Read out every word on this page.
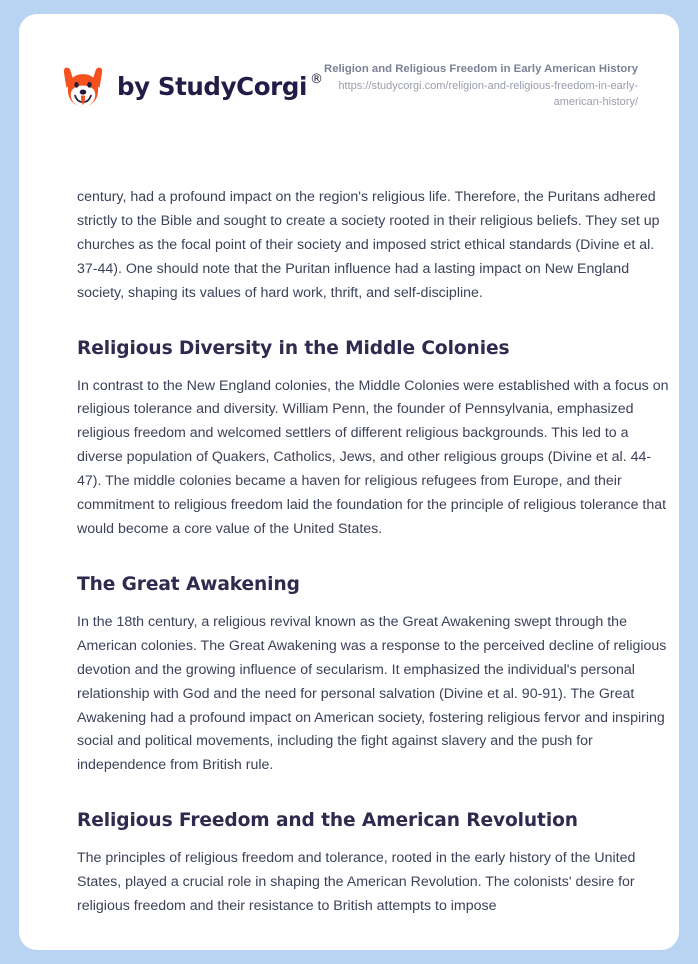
by StudyCorgi ®
Religion and Religious Freedom in Early American History
https://studycorgi.com/religion-and-religious-freedom-in-early-american-history/

century, had a profound impact on the region's religious life. Therefore, the Puritans adhered strictly to the Bible and sought to create a society rooted in their religious beliefs. They set up churches as the focal point of their society and imposed strict ethical standards (Divine et al. 37-44). One should note that the Puritan influence had a lasting impact on New England society, shaping its values of hard work, thrift, and self-discipline.

Religious Diversity in the Middle Colonies

In contrast to the New England colonies, the Middle Colonies were established with a focus on religious tolerance and diversity. William Penn, the founder of Pennsylvania, emphasized religious freedom and welcomed settlers of different religious backgrounds. This led to a diverse population of Quakers, Catholics, Jews, and other religious groups (Divine et al. 44-47). The middle colonies became a haven for religious refugees from Europe, and their commitment to religious freedom laid the foundation for the principle of religious tolerance that would become a core value of the United States.

The Great Awakening

In the 18th century, a religious revival known as the Great Awakening swept through the American colonies. The Great Awakening was a response to the perceived decline of religious devotion and the growing influence of secularism. It emphasized the individual's personal relationship with God and the need for personal salvation (Divine et al. 90-91). The Great Awakening had a profound impact on American society, fostering religious fervor and inspiring social and political movements, including the fight against slavery and the push for independence from British rule.

Religious Freedom and the American Revolution

The principles of religious freedom and tolerance, rooted in the early history of the United States, played a crucial role in shaping the American Revolution. The colonists' desire for religious freedom and their resistance to British attempts to impose
